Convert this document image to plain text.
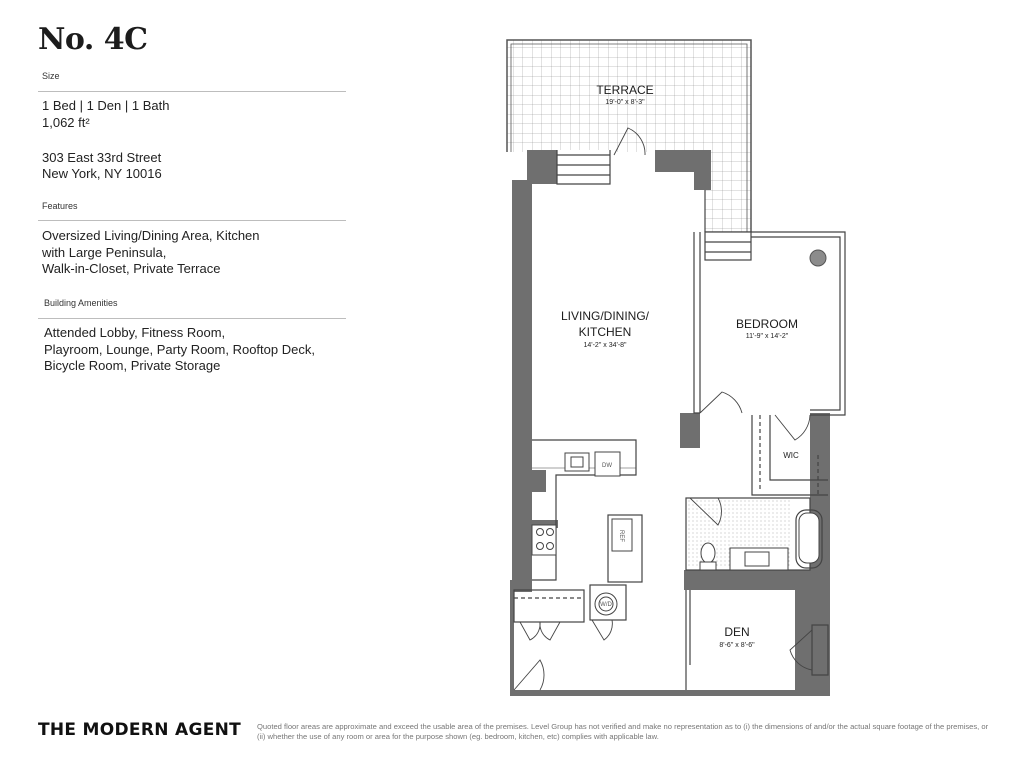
No. 4C
Size
1 Bed | 1 Den | 1 Bath
1,062 ft²
303 East 33rd Street
New York, NY 10016
Features
Oversized Living/Dining Area, Kitchen
with Large Peninsula,
Walk-in-Closet, Private Terrace
Building Amenities
Attended Lobby, Fitness Room,
Playroom, Lounge, Party Room, Rooftop Deck,
Bicycle Room, Private Storage
TERRACE
19'-0" x 8'-3"
LIVING/DINING/
KITCHEN
14'-2" x 34'-8"
BEDROOM
11'-9" x 14'-2"
WIC
DEN
8'-6" x 8'-6"
DW
REF
W/D
THE MODERN AGENT Quoted floor areas are approximate and exceed the usable area of the premises. Level Group has not verified and make no representation as to (i) the dimensions of and/or the actual square footage of the premises, or (ii) whether the use of any room or area for the purpose shown (eg. bedroom, kitchen, etc) complies with applicable law.
